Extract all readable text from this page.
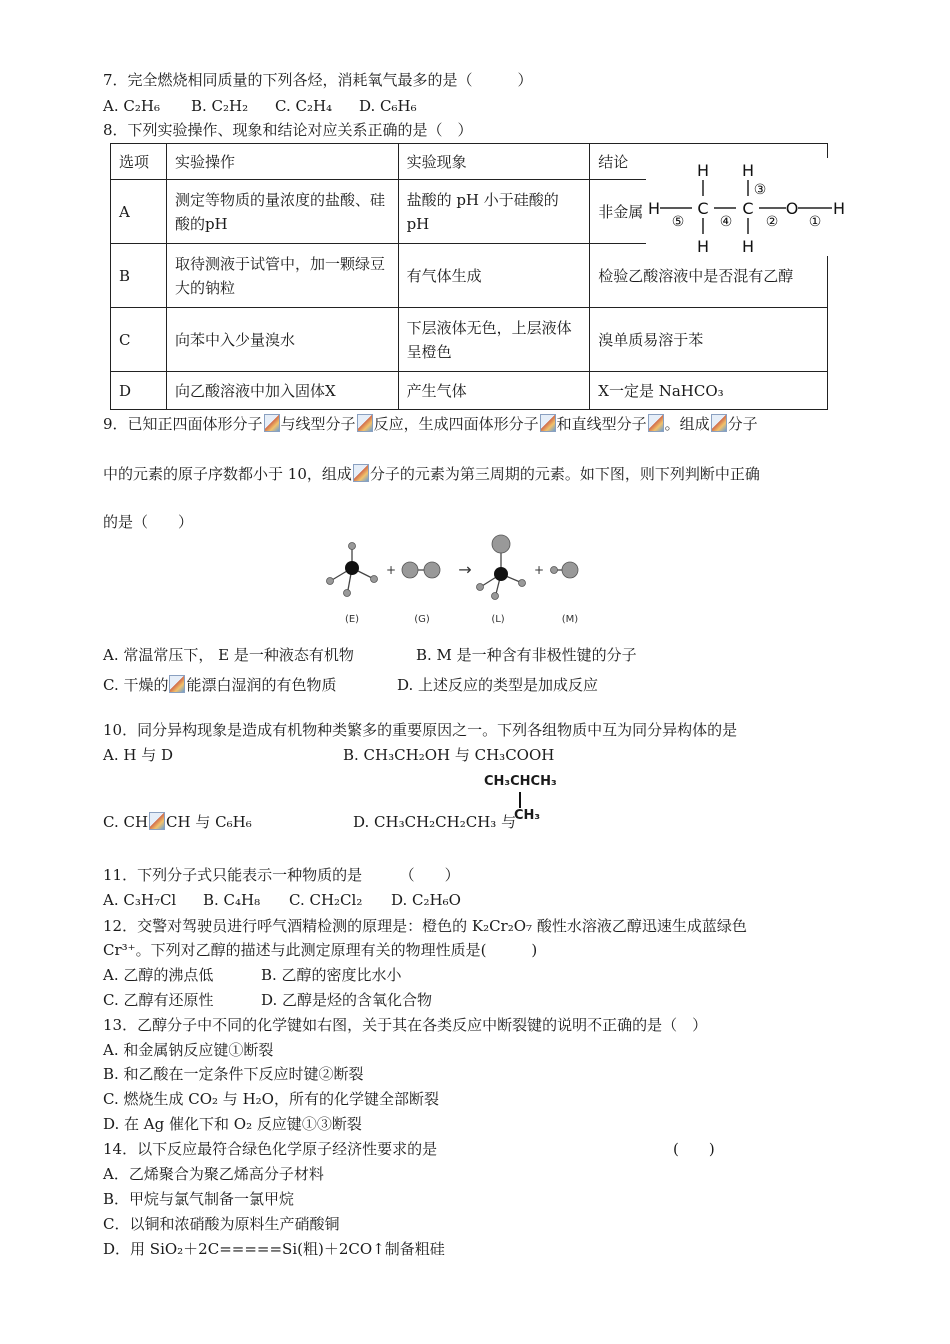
7．完全燃烧相同质量的下列各烃，消耗氧气最多的是（　　　）
A. C₂H₆ B. C₂H₂ C. C₂H₄ D. C₆H₆
8．下列实验操作、现象和结论对应关系正确的是（　）
选项	实验操作	实验现象	结论
A	测定等物质的量浓度的盐酸、硅酸的pH	盐酸的 pH 小于硅酸的 pH	非金属
B	取待测液于试管中，加一颗绿豆大的钠粒	有气体生成	检验乙酸溶液中是否混有乙醇
C	向苯中入少量溴水	下层液体无色，上层液体呈橙色	溴单质易溶于苯
D	向乙酸溶液中加入固体X	产生气体	X一定是 NaHCO₃
H H
H C C O H
H H
⑤	④ ② ①
③
9．已知正四面体形分子 与线型分子 反应，生成四面体形分子 和直线型分子 。组成 分子
中的元素的原子序数都小于 10，组成 分子的元素为第三周期的元素。如下图，则下列判断中正确
的是（　　）
+	→	+
(E)	(G)	(L)	(M)
A. 常温常压下， E 是一种液态有机物	B. M 是一种含有非极性键的分子
C. 干燥的 能漂白湿润的有色物质	D. 上述反应的类型是加成反应
10．同分异构现象是造成有机物种类繁多的重要原因之一。下列各组物质中互为同分异构体的是
A. H 与 D	B. CH₃CH₂OH 与 CH₃COOH
CH₃CHCH₃
CH₃
C. CH CH 与 C₆H₆	D. CH₃CH₂CH₂CH₃ 与
11．下列分子式只能表示一种物质的是　　　（　　）
A. C₃H₇Cl B. C₄H₈ C. CH₂Cl₂ D. C₂H₆O
12．交警对驾驶员进行呼气酒精检测的原理是：橙色的 K₂Cr₂O₇ 酸性水溶液乙醇迅速生成蓝绿色
Cr³⁺。下列对乙醇的描述与此测定原理有关的物理性质是(　　　)
A. 乙醇的沸点低	B. 乙醇的密度比水小
C. 乙醇有还原性	D. 乙醇是烃的含氧化合物
13．乙醇分子中不同的化学键如右图，关于其在各类反应中断裂键的说明不正确的是（　）
A. 和金属钠反应键①断裂
B. 和乙酸在一定条件下反应时键②断裂
C. 燃烧生成 CO₂ 与 H₂O，所有的化学键全部断裂
D. 在 Ag 催化下和 O₂ 反应键①③断裂
14．以下反应最符合绿色化学原子经济性要求的是	(　　)
A．乙烯聚合为聚乙烯高分子材料
B．甲烷与氯气制备一氯甲烷
C．以铜和浓硝酸为原料生产硝酸铜
D．用 SiO₂＋2C=====Si(粗)＋2CO↑制备粗硅
